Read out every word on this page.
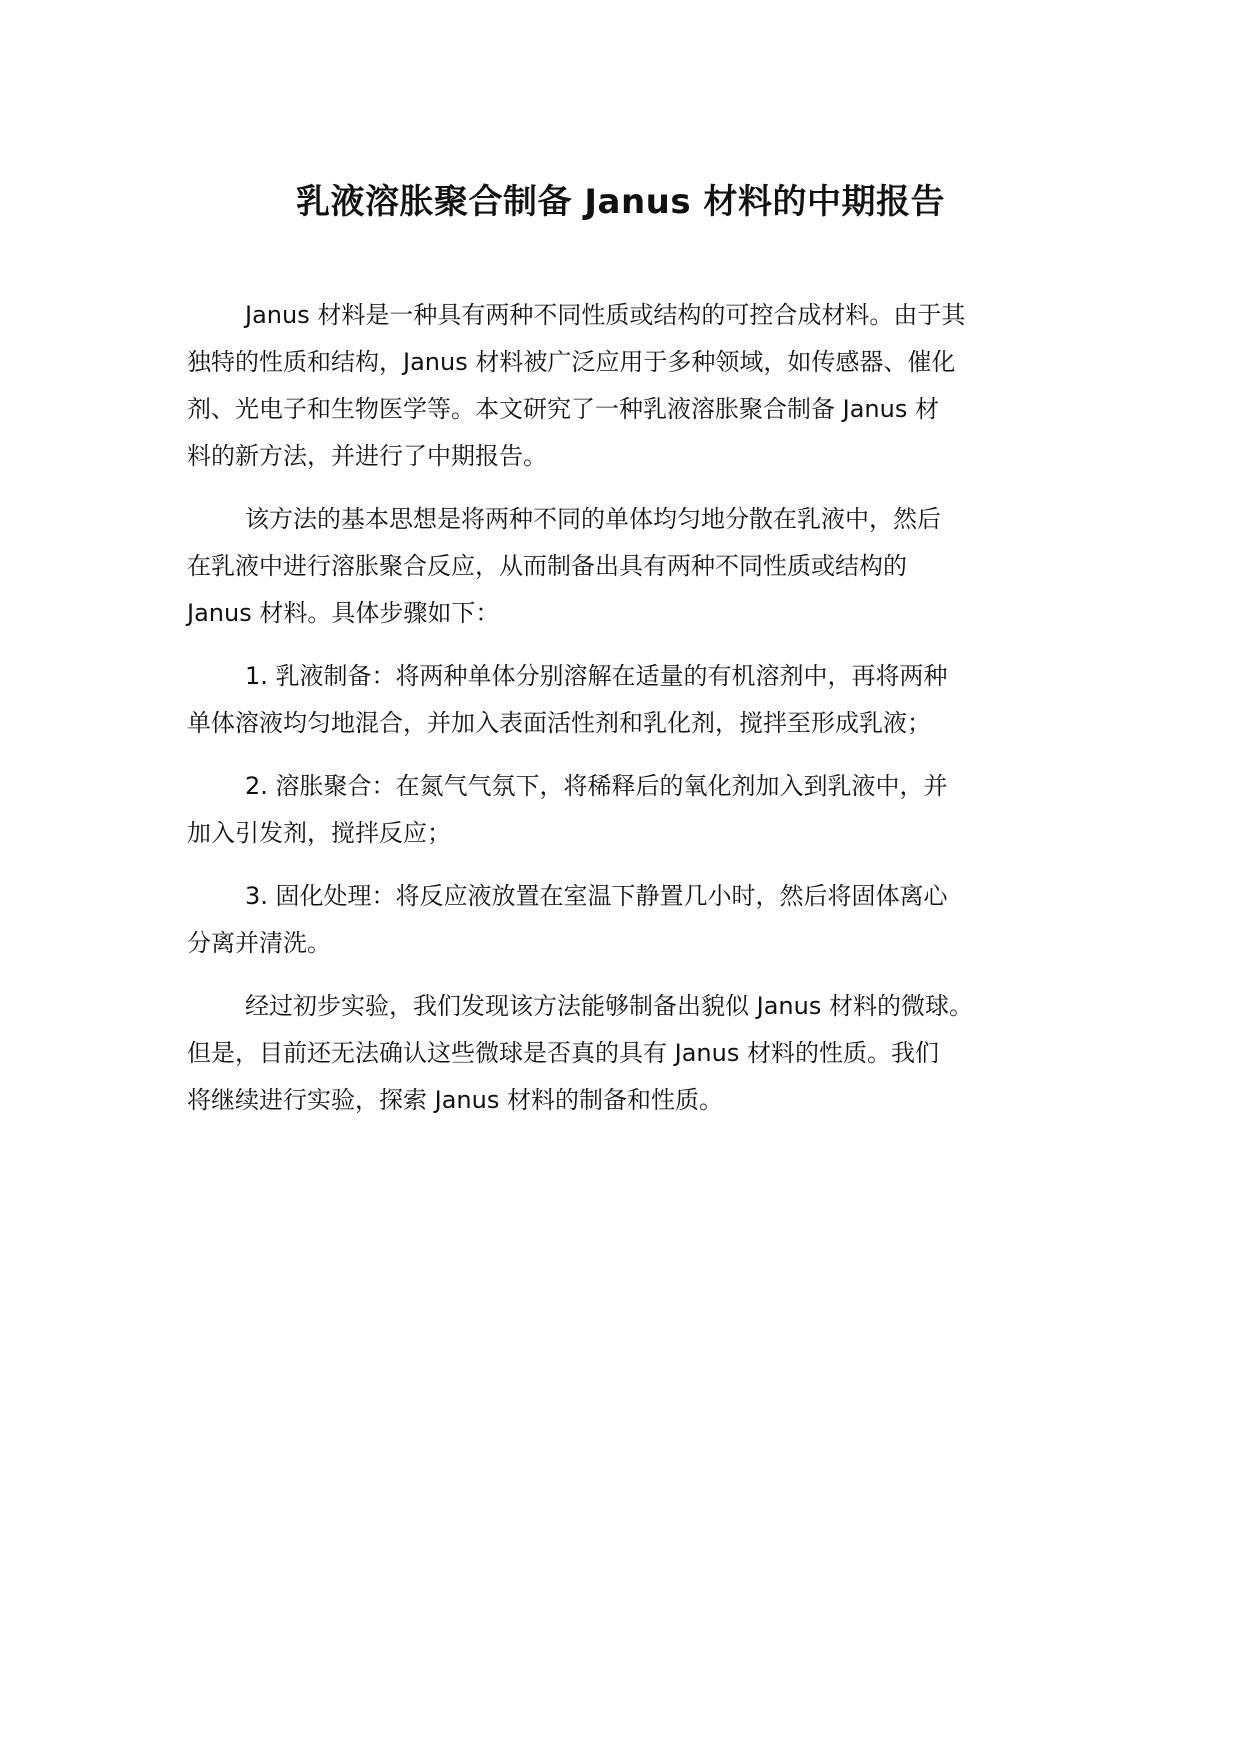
乳液溶胀聚合制备 Janus 材料的中期报告

Janus 材料是一种具有两种不同性质或结构的可控合成材料。由于其
独特的性质和结构，Janus 材料被广泛应用于多种领域，如传感器、催化
剂、光电子和生物医学等。本文研究了一种乳液溶胀聚合制备 Janus 材
料的新方法，并进行了中期报告。

该方法的基本思想是将两种不同的单体均匀地分散在乳液中，然后
在乳液中进行溶胀聚合反应，从而制备出具有两种不同性质或结构的
Janus 材料。具体步骤如下：

1. 乳液制备：将两种单体分别溶解在适量的有机溶剂中，再将两种
单体溶液均匀地混合，并加入表面活性剂和乳化剂，搅拌至形成乳液；

2. 溶胀聚合：在氮气气氛下，将稀释后的氧化剂加入到乳液中，并
加入引发剂，搅拌反应；

3. 固化处理：将反应液放置在室温下静置几小时，然后将固体离心
分离并清洗。

经过初步实验，我们发现该方法能够制备出貌似 Janus 材料的微球。
但是，目前还无法确认这些微球是否真的具有 Janus 材料的性质。我们
将继续进行实验，探索 Janus 材料的制备和性质。
